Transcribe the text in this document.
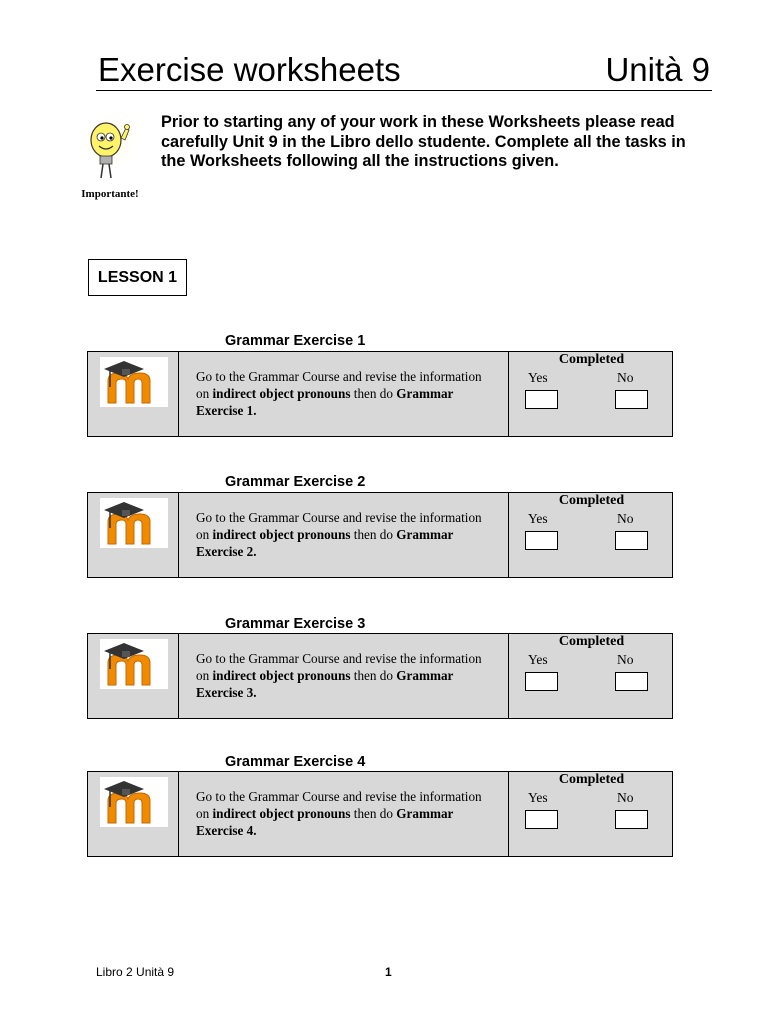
Exercise worksheets	Unità 9
Importante!
Prior to starting any of your work in these Worksheets please read carefully Unit 9 in the Libro dello studente. Complete all the tasks in the Worksheets following all the instructions given.
LESSON 1
Grammar Exercise 1
Go to the Grammar Course and revise the information on indirect object pronouns then do Grammar Exercise 1.
Completed
Yes	No
Grammar Exercise 2
Go to the Grammar Course and revise the information on indirect object pronouns then do Grammar Exercise 2.
Completed
Yes	No
Grammar Exercise 3
Go to the Grammar Course and revise the information on indirect object pronouns then do Grammar Exercise 3.
Completed
Yes	No
Grammar Exercise 4
Go to the Grammar Course and revise the information on indirect object pronouns then do Grammar Exercise 4.
Completed
Yes	No
Libro 2 Unità 9	1
